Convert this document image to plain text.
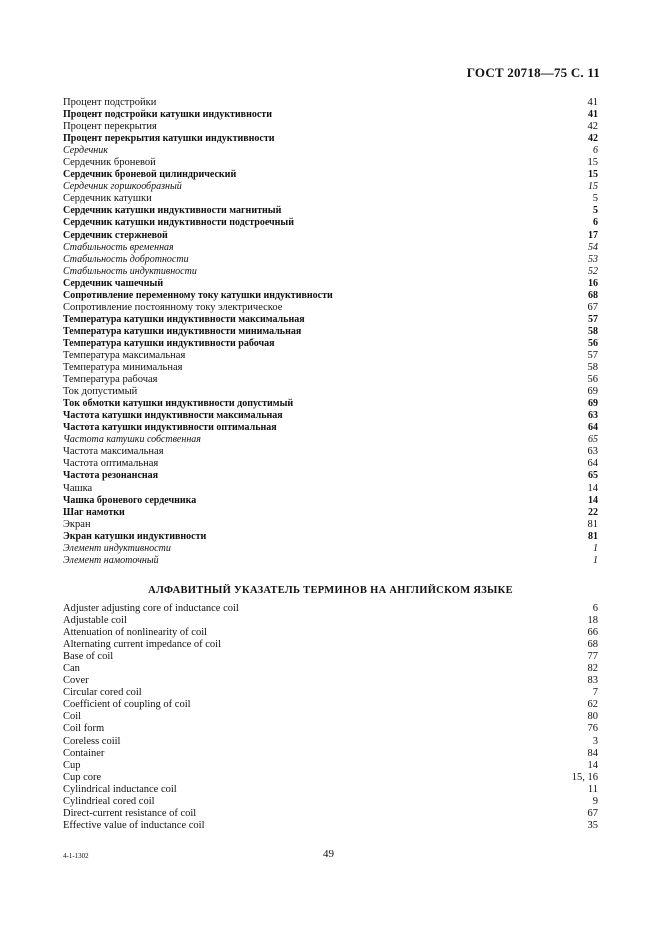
ГОСТ 20718—75 С. 11
Процент подстройки	41
Процент подстройки катушки индуктивности	41
Процент перекрытия	42
Процент перекрытия катушки индуктивности	42
Сердечник	6
Сердечник броневой	15
Сердечник броневой цилиндрический	15
Сердечник горшкообразный	15
Сердечник катушки	5
Сердечник катушки индуктивности магнитный	5
Сердечник катушки индуктивности подстроечный	6
Сердечник стержневой	17
Стабильность временная	54
Стабильность добротности	53
Стабильность индуктивности	52
Сердечник чашечный	16
Сопротивление переменному току катушки индуктивности	68
Сопротивление постоянному току электрическое	67
Температура катушки индуктивности максимальная	57
Температура катушки индуктивности минимальная	58
Температура катушки индуктивности рабочая	56
Температура максимальная	57
Температура минимальная	58
Температура рабочая	56
Ток допустимый	69
Ток обмотки катушки индуктивности допустимый	69
Частота катушки индуктивности максимальная	63
Частота катушки индуктивности оптимальная	64
Частота катушки собственная	65
Частота максимальная	63
Частота оптимальная	64
Частота резонансная	65
Чашка	14
Чашка броневого сердечника	14
Шаг намотки	22
Экран	81
Экран катушки индуктивности	81
Элемент индуктивности	1
Элемент намоточный	1
АЛФАВИТНЫЙ УКАЗАТЕЛЬ ТЕРМИНОВ НА АНГЛИЙСКОМ ЯЗЫКЕ
Adjuster adjusting core of inductance coil	6
Adjustable coil	18
Attenuation of nonlinearity of coil	66
Alternating current impedance of coil	68
Base of coil	77
Can	82
Cover	83
Circular cored coil	7
Coefficient of coupling of coil	62
Coil	80
Coil form	76
Coreless coiil	3
Container	84
Cup	14
Cup core	15, 16
Cylindrical inductance coil	11
Cylindrieal cored coil	9
Direct-current resistance of coil	67
Effective value of inductance coil	35
4-1-1302	49
